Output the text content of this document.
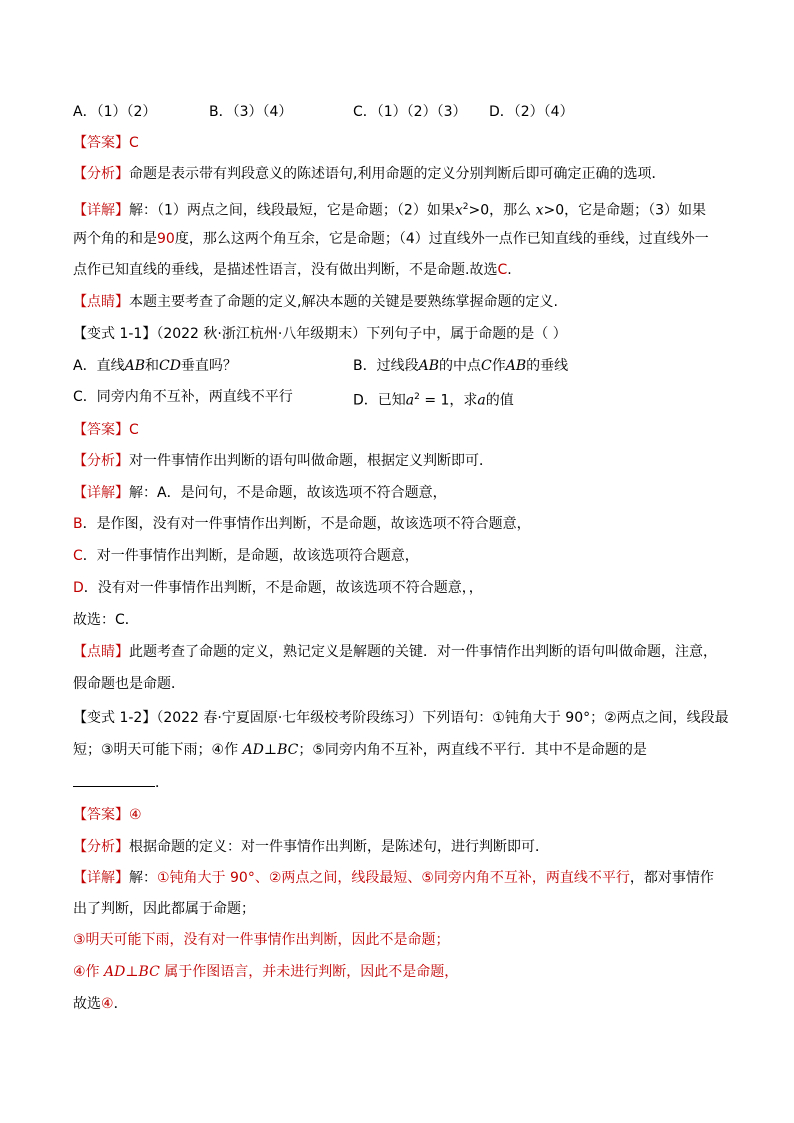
A．（1）（2）	B．（3）（4）	C．（1）（2）（3） D．（2）（4）
【答案】C
【分析】命题是表示带有判段意义的陈述语句,利用命题的定义分别判断后即可确定正确的选项．
【详解】解：（1）两点之间，线段最短，它是命题；（2）如果$x^2>0$，那么 x>0，它是命题；（3）如果
两个角的和是90度，那么这两个角互余，它是命题；（4）过直线外一点作已知直线的垂线，过直线外一
点作已知直线的垂线，是描述性语言，没有做出判断，不是命题.故选C.
【点睛】本题主要考查了命题的定义,解决本题的关键是要熟练掌握命题的定义.
【变式 1-1】（2022 秋·浙江杭州·八年级期末）下列句子中，属于命题的是（ ）
A．直线AB和CD垂直吗？	B．过线段AB的中点C作AB的垂线
C．同旁内角不互补，两直线不平行	D．已知$a^2 = 1$，求a的值
【答案】C
【分析】对一件事情作出判断的语句叫做命题，根据定义判断即可．
【详解】解：A．是问句，不是命题，故该选项不符合题意，
B．是作图，没有对一件事情作出判断，不是命题，故该选项不符合题意，
C．对一件事情作出判断，是命题，故该选项符合题意，
D．没有对一件事情作出判断，不是命题，故该选项不符合题意，，
故选：C．
【点睛】此题考查了命题的定义，熟记定义是解题的关键．对一件事情作出判断的语句叫做命题，注意，
假命题也是命题．
【变式 1-2】（2022 春·宁夏固原·七年级校考阶段练习）下列语句：①钝角大于 90°；②两点之间，线段最
短；③明天可能下雨；④作 AD⊥BC；⑤同旁内角不互补，两直线不平行．其中不是命题的是
．
【答案】④
【分析】根据命题的定义：对一件事情作出判断，是陈述句，进行判断即可．
【详解】解：①钝角大于 90°、②两点之间，线段最短、⑤同旁内角不互补，两直线不平行，都对事情作
出了判断，因此都属于命题；
③明天可能下雨，没有对一件事情作出判断，因此不是命题；
④作 AD⊥BC 属于作图语言，并未进行判断，因此不是命题，
故选④．
